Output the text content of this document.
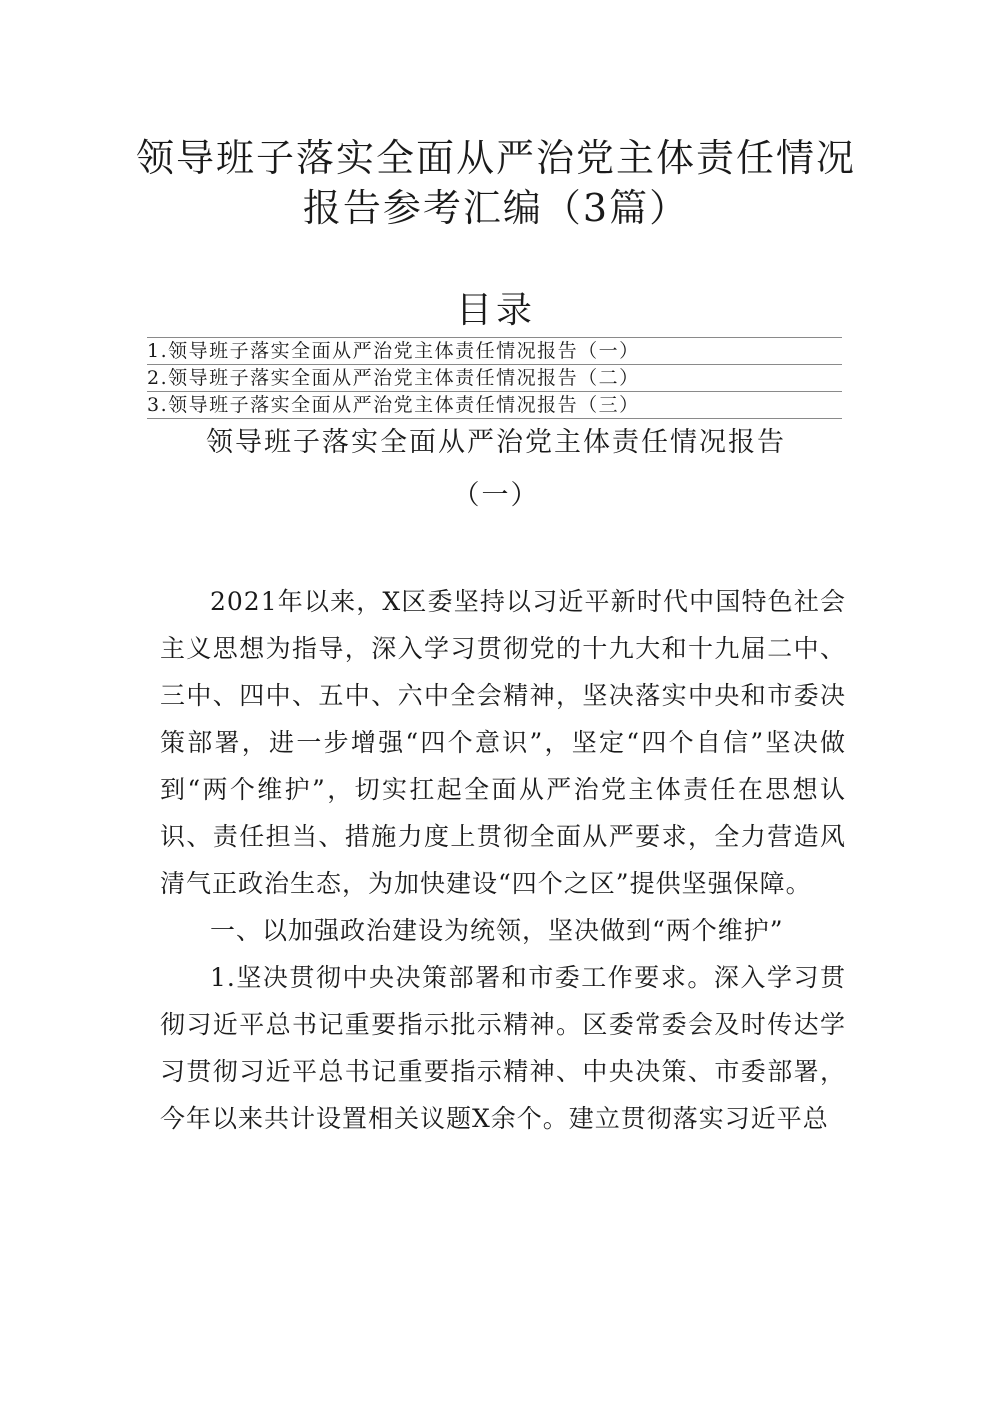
领导班子落实全面从严治党主体责任情况
报告参考汇编（3篇）
目录
1.领导班子落实全面从严治党主体责任情况报告（一）
2.领导班子落实全面从严治党主体责任情况报告（二）
3.领导班子落实全面从严治党主体责任情况报告（三）
领导班子落实全面从严治党主体责任情况报告
（一）

2021年以来，X区委坚持以习近平新时代中国特色社会主义思想为指导，深入学习贯彻党的十九大和十九届二中、三中、四中、五中、六中全会精神，坚决落实中央和市委决策部署，进一步增强“四个意识”，坚定“四个自信”坚决做到“两个维护”，切实扛起全面从严治党主体责任在思想认识、责任担当、措施力度上贯彻全面从严要求，全力营造风清气正政治生态，为加快建设“四个之区”提供坚强保障。

一、以加强政治建设为统领，坚决做到“两个维护”

1.坚决贯彻中央决策部署和市委工作要求。深入学习贯彻习近平总书记重要指示批示精神。区委常委会及时传达学习贯彻习近平总书记重要指示精神、中央决策、市委部署，今年以来共计设置相关议题X余个。建立贯彻落实习近平总
